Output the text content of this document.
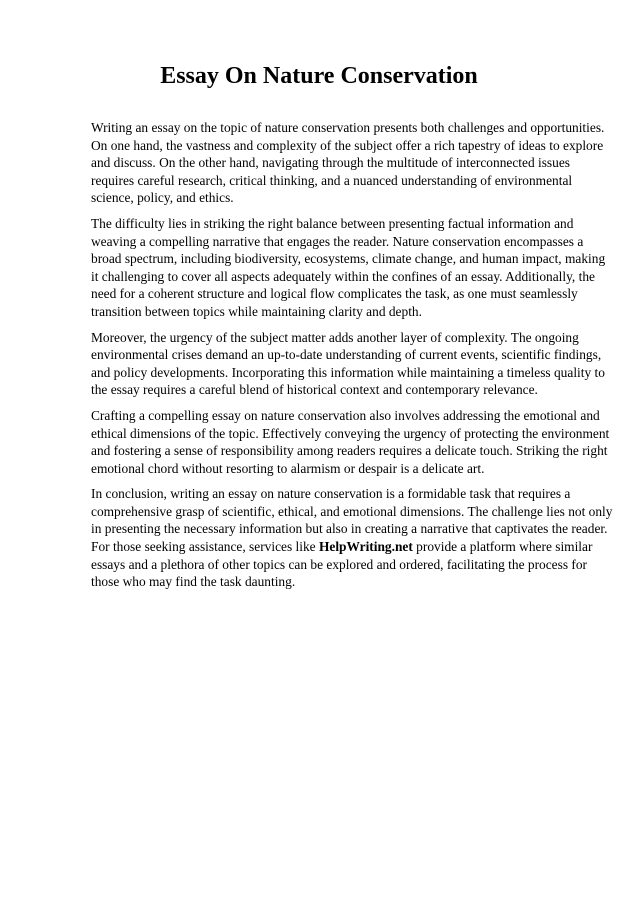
Essay On Nature Conservation

Writing an essay on the topic of nature conservation presents both challenges and opportunities.
On one hand, the vastness and complexity of the subject offer a rich tapestry of ideas to explore
and discuss. On the other hand, navigating through the multitude of interconnected issues
requires careful research, critical thinking, and a nuanced understanding of environmental
science, policy, and ethics.

The difficulty lies in striking the right balance between presenting factual information and
weaving a compelling narrative that engages the reader. Nature conservation encompasses a
broad spectrum, including biodiversity, ecosystems, climate change, and human impact, making
it challenging to cover all aspects adequately within the confines of an essay. Additionally, the
need for a coherent structure and logical flow complicates the task, as one must seamlessly
transition between topics while maintaining clarity and depth.

Moreover, the urgency of the subject matter adds another layer of complexity. The ongoing
environmental crises demand an up-to-date understanding of current events, scientific findings,
and policy developments. Incorporating this information while maintaining a timeless quality to
the essay requires a careful blend of historical context and contemporary relevance.

Crafting a compelling essay on nature conservation also involves addressing the emotional and
ethical dimensions of the topic. Effectively conveying the urgency of protecting the environment
and fostering a sense of responsibility among readers requires a delicate touch. Striking the right
emotional chord without resorting to alarmism or despair is a delicate art.

In conclusion, writing an essay on nature conservation is a formidable task that requires a
comprehensive grasp of scientific, ethical, and emotional dimensions. The challenge lies not only
in presenting the necessary information but also in creating a narrative that captivates the reader.
For those seeking assistance, services like HelpWriting.net provide a platform where similar
essays and a plethora of other topics can be explored and ordered, facilitating the process for
those who may find the task daunting.
